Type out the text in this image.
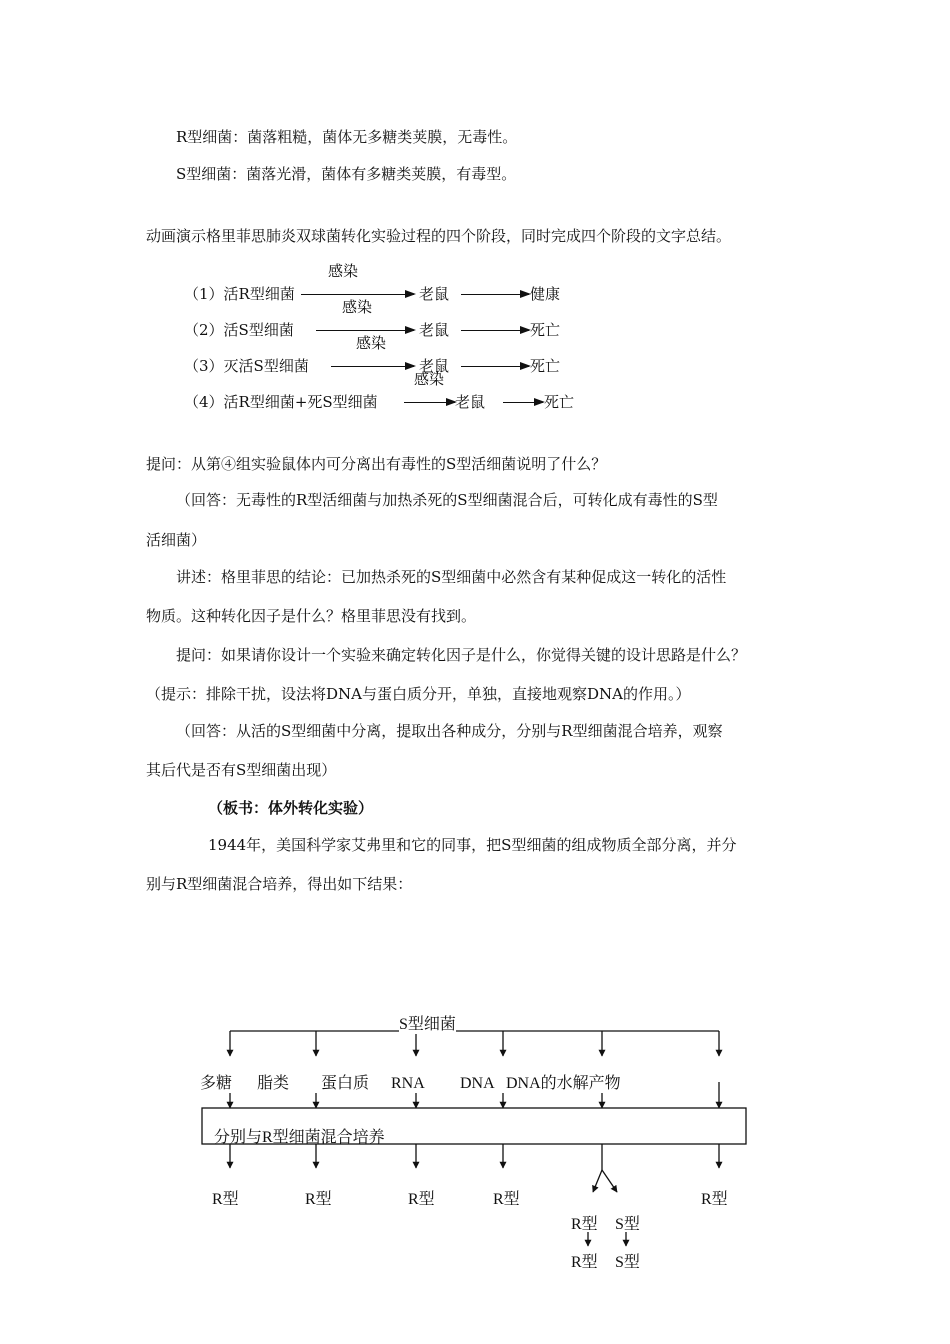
R型细菌：菌落粗糙，菌体无多糖类荚膜，无毒性。
S型细菌：菌落光滑，菌体有多糖类荚膜，有毒型。
动画演示格里菲思肺炎双球菌转化实验过程的四个阶段，同时完成四个阶段的文字总结。
感染
（1）活R型细菌	老鼠	健康
感染
（2）活S型细菌	老鼠	死亡
感染
（3）灭活S型细菌	老鼠	死亡
感染
（4）活R型细菌+死S型细菌	老鼠	死亡
提问：从第④组实验鼠体内可分离出有毒性的S型活细菌说明了什么？
（回答：无毒性的R型活细菌与加热杀死的S型细菌混合后，可转化成有毒性的S型
活细菌）
讲述：格里菲思的结论：已加热杀死的S型细菌中必然含有某种促成这一转化的活性
物质。这种转化因子是什么？格里菲思没有找到。
提问：如果请你设计一个实验来确定转化因子是什么，你觉得关键的设计思路是什么？
（提示：排除干扰，设法将DNA与蛋白质分开，单独，直接地观察DNA的作用。）
（回答：从活的S型细菌中分离，提取出各种成分，分别与R型细菌混合培养，观察
其后代是否有S型细菌出现）
（板书：体外转化实验）
1944年，美国科学家艾弗里和它的同事，把S型细菌的组成物质全部分离，并分
别与R型细菌混合培养，得出如下结果：
S型细菌
多糖 脂类 蛋白质 RNA DNA DNA的水解产物
分别与R型细菌混合培养
R型	R型	R型	R型	R型
R型 S型
R型 S型
